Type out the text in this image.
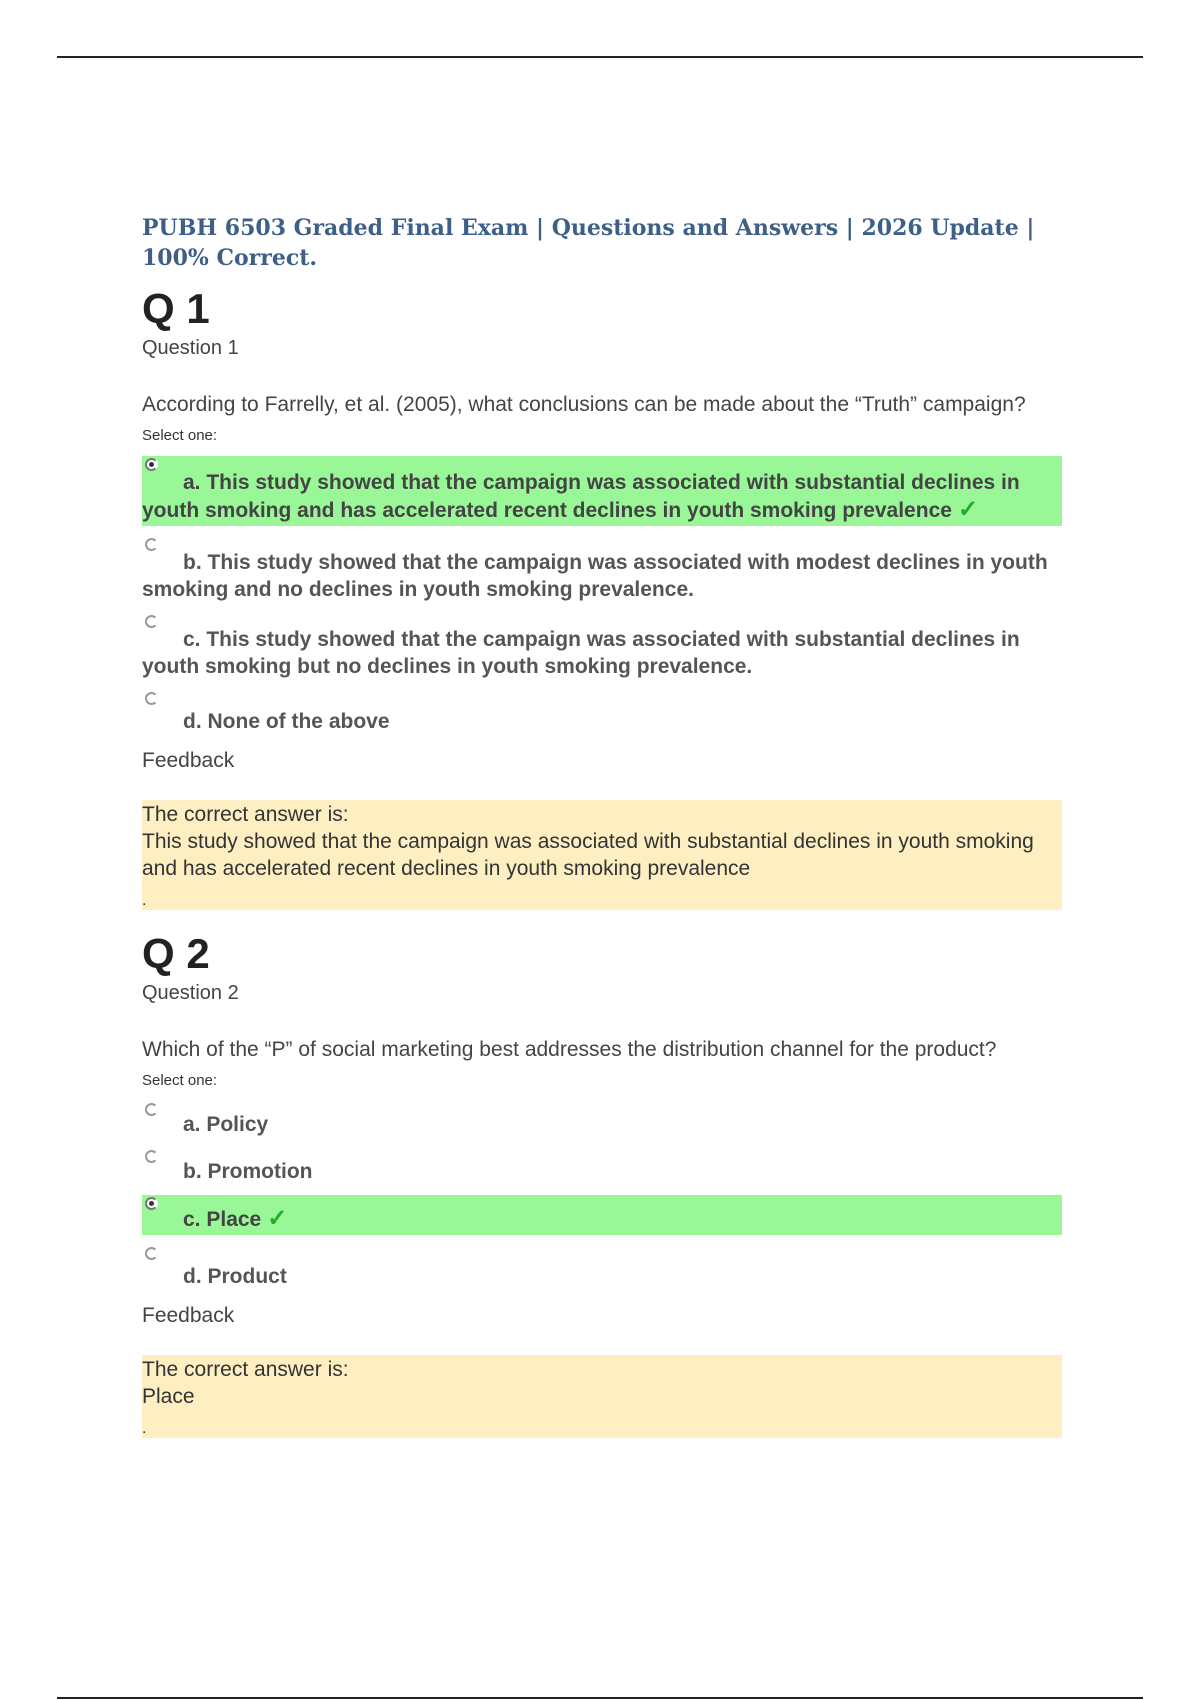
PUBH 6503 Graded Final Exam | Questions and Answers | 2026 Update | 100% Correct.
Q 1
Question 1
According to Farrelly, et al. (2005), what conclusions can be made about the “Truth” campaign?
Select one:
a. This study showed that the campaign was associated with substantial declines in youth smoking and has accelerated recent declines in youth smoking prevalence ✓
b. This study showed that the campaign was associated with modest declines in youth smoking and no declines in youth smoking prevalence.
c. This study showed that the campaign was associated with substantial declines in youth smoking but no declines in youth smoking prevalence.
d. None of the above
Feedback
The correct answer is:
This study showed that the campaign was associated with substantial declines in youth smoking and has accelerated recent declines in youth smoking prevalence
.
Q 2
Question 2
Which of the “P” of social marketing best addresses the distribution channel for the product?
Select one:
a. Policy
b. Promotion
c. Place ✓
d. Product
Feedback
The correct answer is:
Place
.
